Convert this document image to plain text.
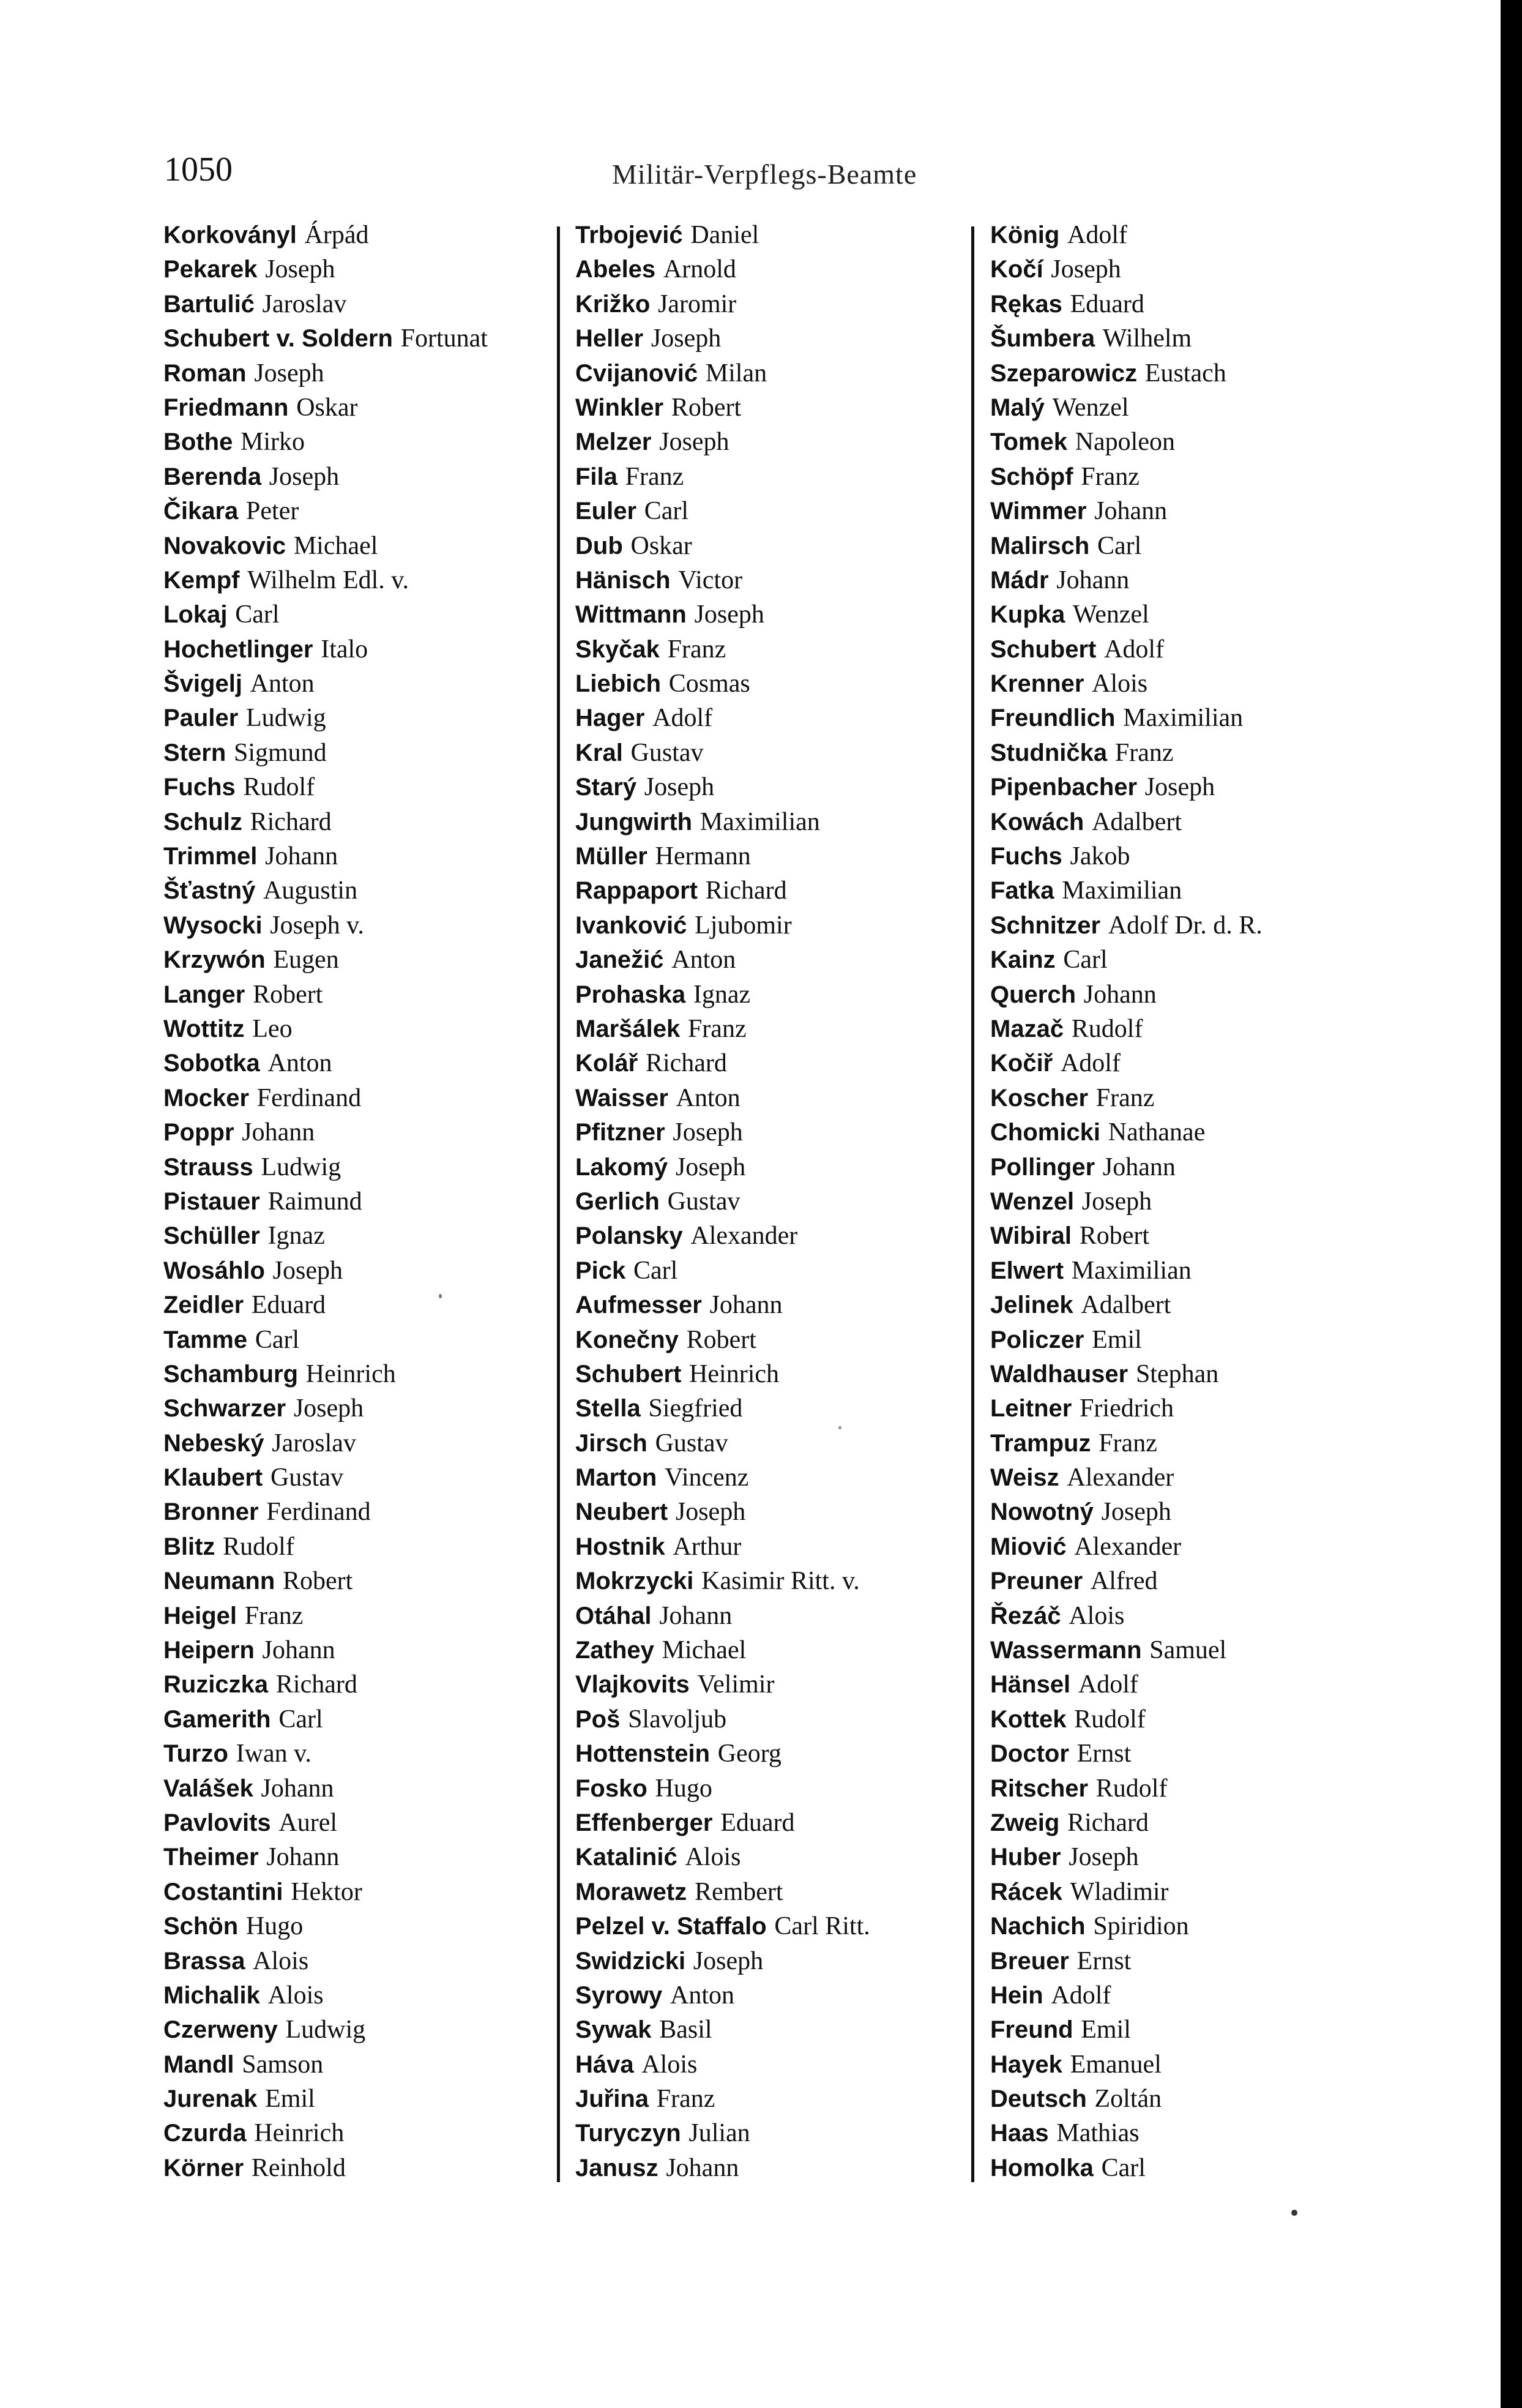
1050	Militär-Verpflegs-Beamte
Korkoványl Árpád
Pekarek Joseph
Bartulić Jaroslav
Schubert v. Soldern Fortunat
Roman Joseph
Friedmann Oskar
Bothe Mirko
Berenda Joseph
Čikara Peter
Novakovic Michael
Kempf Wilhelm Edl. v.
Lokaj Carl
Hochetlinger Italo
Švigelj Anton
Pauler Ludwig
Stern Sigmund
Fuchs Rudolf
Schulz Richard
Trimmel Johann
Šťastný Augustin
Wysocki Joseph v.
Krzywón Eugen
Langer Robert
Wottitz Leo
Sobotka Anton
Mocker Ferdinand
Poppr Johann
Strauss Ludwig
Pistauer Raimund
Schüller Ignaz
Wosáhlo Joseph
Zeidler Eduard
Tamme Carl
Schamburg Heinrich
Schwarzer Joseph
Nebeský Jaroslav
Klaubert Gustav
Bronner Ferdinand
Blitz Rudolf
Neumann Robert
Heigel Franz
Heipern Johann
Ruziczka Richard
Gamerith Carl
Turzo Iwan v.
Valášek Johann
Pavlovits Aurel
Theimer Johann
Costantini Hektor
Schön Hugo
Brassa Alois
Michalik Alois
Czerweny Ludwig
Mandl Samson
Jurenak Emil
Czurda Heinrich
Körner Reinhold
Trbojević Daniel
Abeles Arnold
Križko Jaromir
Heller Joseph
Cvijanović Milan
Winkler Robert
Melzer Joseph
Fila Franz
Euler Carl
Dub Oskar
Hänisch Victor
Wittmann Joseph
Skyčak Franz
Liebich Cosmas
Hager Adolf
Kral Gustav
Starý Joseph
Jungwirth Maximilian
Müller Hermann
Rappaport Richard
Ivanković Ljubomir
Janežić Anton
Prohaska Ignaz
Maršálek Franz
Kolář Richard
Waisser Anton
Pfitzner Joseph
Lakomý Joseph
Gerlich Gustav
Polansky Alexander
Pick Carl
Aufmesser Johann
Konečny Robert
Schubert Heinrich
Stella Siegfried
Jirsch Gustav
Marton Vincenz
Neubert Joseph
Hostnik Arthur
Mokrzycki Kasimir Ritt. v.
Otáhal Johann
Zathey Michael
Vlajkovits Velimir
Poš Slavoljub
Hottenstein Georg
Fosko Hugo
Effenberger Eduard
Katalinić Alois
Morawetz Rembert
Pelzel v. Staffalo Carl Ritt.
Swidzicki Joseph
Syrowy Anton
Sywak Basil
Háva Alois
Juřina Franz
Turyczyn Julian
Janusz Johann
König Adolf
Kočí Joseph
Rękas Eduard
Šumbera Wilhelm
Szeparowicz Eustach
Malý Wenzel
Tomek Napoleon
Schöpf Franz
Wimmer Johann
Malirsch Carl
Mádr Johann
Kupka Wenzel
Schubert Adolf
Krenner Alois
Freundlich Maximilian
Studnička Franz
Pipenbacher Joseph
Kowách Adalbert
Fuchs Jakob
Fatka Maximilian
Schnitzer Adolf Dr. d. R.
Kainz Carl
Querch Johann
Mazač Rudolf
Kočiř Adolf
Koscher Franz
Chomicki Nathanae
Pollinger Johann
Wenzel Joseph
Wibiral Robert
Elwert Maximilian
Jelinek Adalbert
Policzer Emil
Waldhauser Stephan
Leitner Friedrich
Trampuz Franz
Weisz Alexander
Nowotný Joseph
Miović Alexander
Preuner Alfred
Řezáč Alois
Wassermann Samuel
Hänsel Adolf
Kottek Rudolf
Doctor Ernst
Ritscher Rudolf
Zweig Richard
Huber Joseph
Rácek Wladimir
Nachich Spiridion
Breuer Ernst
Hein Adolf
Freund Emil
Hayek Emanuel
Deutsch Zoltán
Haas Mathias
Homolka Carl
